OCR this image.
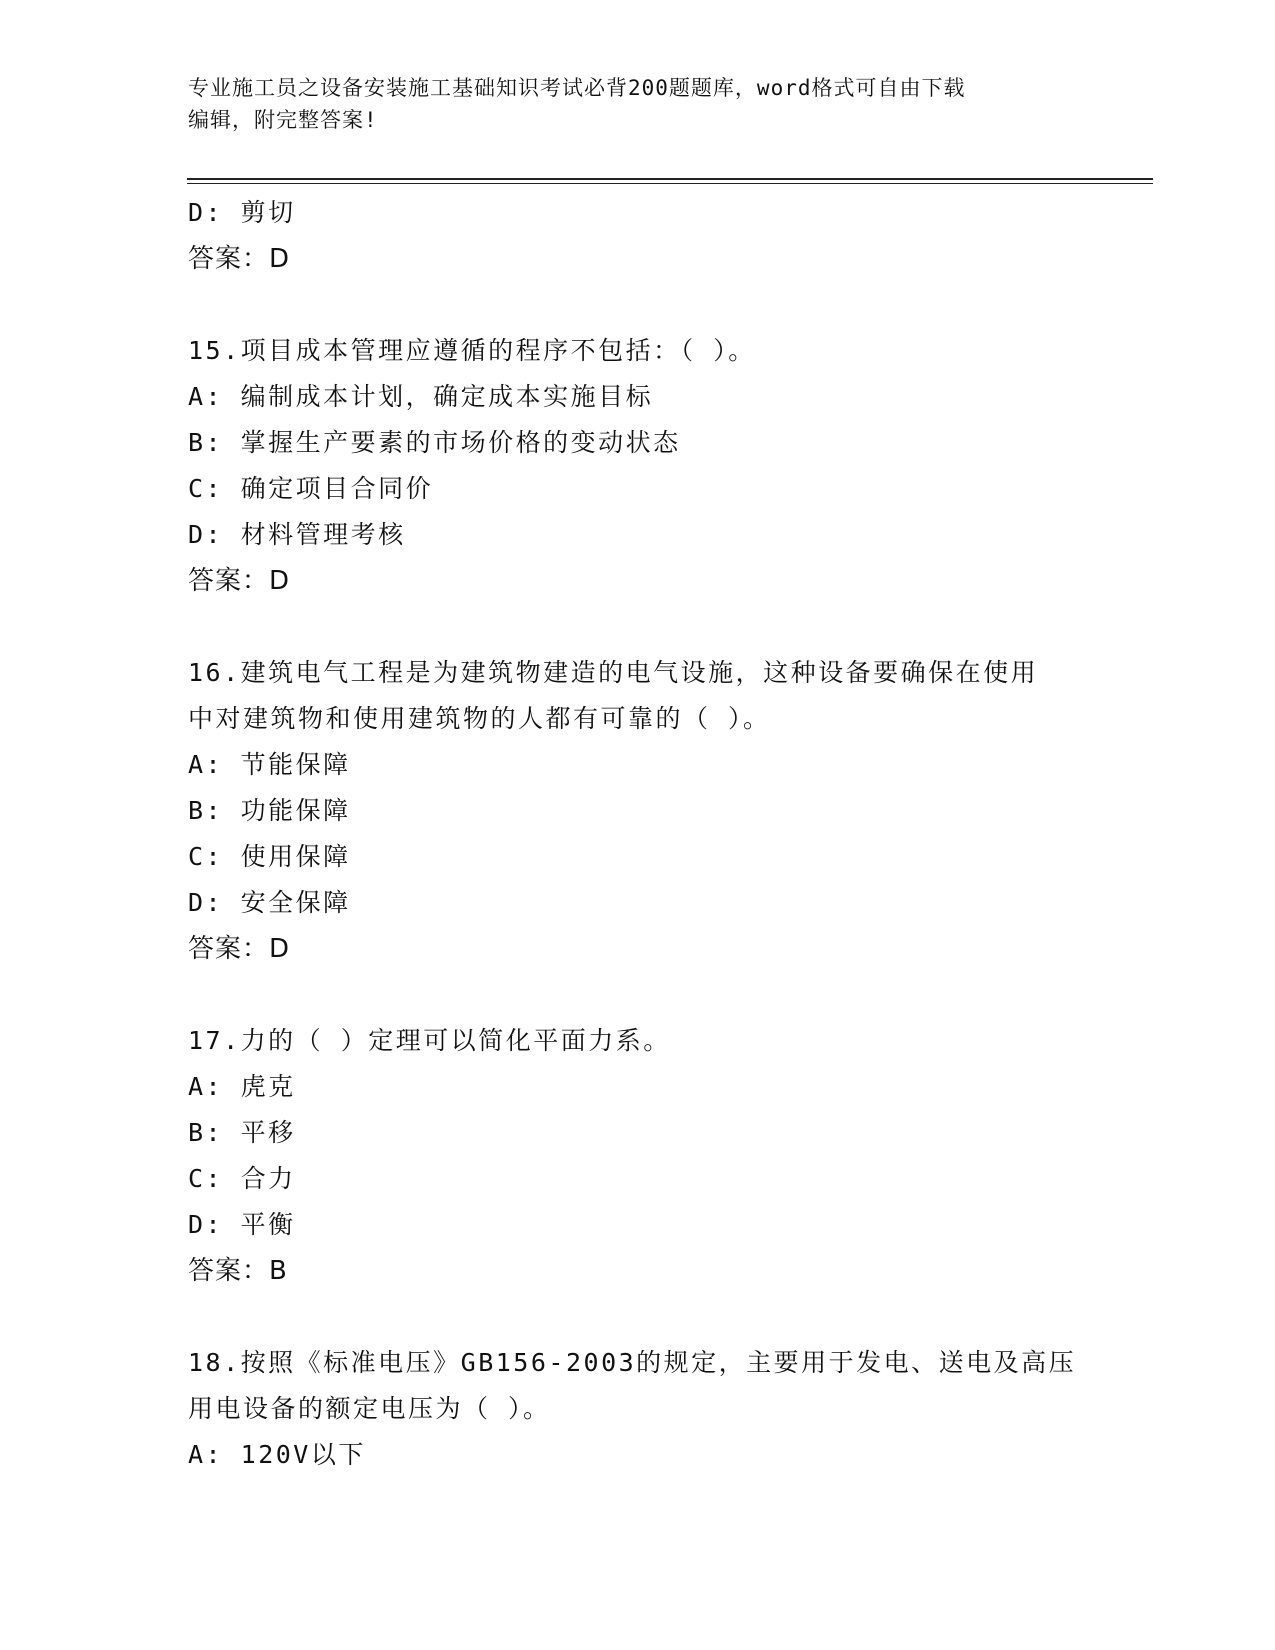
专业施工员之设备安装施工基础知识考试必背200题题库，word格式可自由下载
编辑，附完整答案!
D: 剪切
答案：D
15.项目成本管理应遵循的程序不包括：（ ）。
A: 编制成本计划，确定成本实施目标
B: 掌握生产要素的市场价格的变动状态
C: 确定项目合同价
D: 材料管理考核
答案：D
16.建筑电气工程是为建筑物建造的电气设施，这种设备要确保在使用
中对建筑物和使用建筑物的人都有可靠的（ ）。
A: 节能保障
B: 功能保障
C: 使用保障
D: 安全保障
答案：D
17.力的（ ）定理可以简化平面力系。
A: 虎克
B: 平移
C: 合力
D: 平衡
答案：B
18.按照《标准电压》GB156-2003的规定，主要用于发电、送电及高压
用电设备的额定电压为（ ）。
A: 120V以下
